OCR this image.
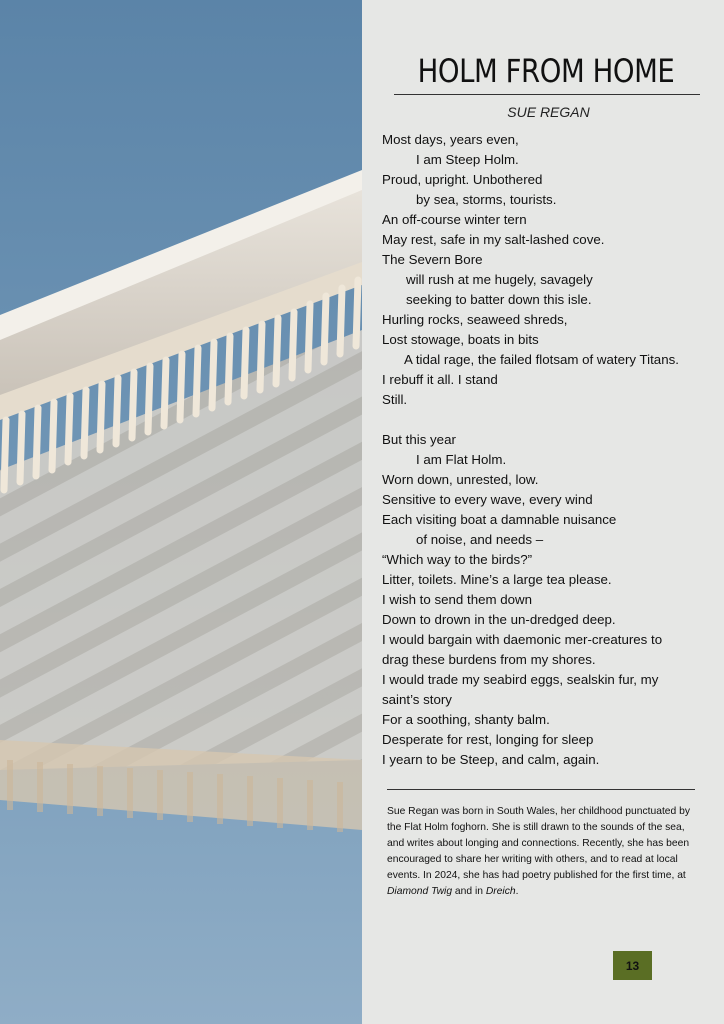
HOLM FROM HOME
SUE REGAN
Most days, years even,
I am Steep Holm.
Proud, upright. Unbothered
by sea, storms, tourists.
An off-course winter tern
May rest, safe in my salt-lashed cove.
The Severn Bore
will rush at me hugely, savagely
seeking to batter down this isle.
Hurling rocks, seaweed shreds,
Lost stowage, boats in bits
A tidal rage, the failed flotsam of watery Titans.
I rebuff it all. I stand
Still.
But this year
I am Flat Holm.
Worn down, unrested, low.
Sensitive to every wave, every wind
Each visiting boat a damnable nuisance
of noise, and needs –
“Which way to the birds?”
Litter, toilets. Mine’s a large tea please.
I wish to send them down
Down to drown in the un-dredged deep.
I would bargain with daemonic mer-creatures to
drag these burdens from my shores.
I would trade my seabird eggs, sealskin fur, my
saint’s story
For a soothing, shanty balm.
Desperate for rest, longing for sleep
I yearn to be Steep, and calm, again.

Sue Regan was born in South Wales, her childhood punctuated by the Flat Holm foghorn. She is still drawn to the sounds of the sea, and writes about longing and connections. Recently, she has been encouraged to share her writing with others, and to read at local events. In 2024, she has had poetry published for the first time, at Diamond Twig and in Dreich.

13
